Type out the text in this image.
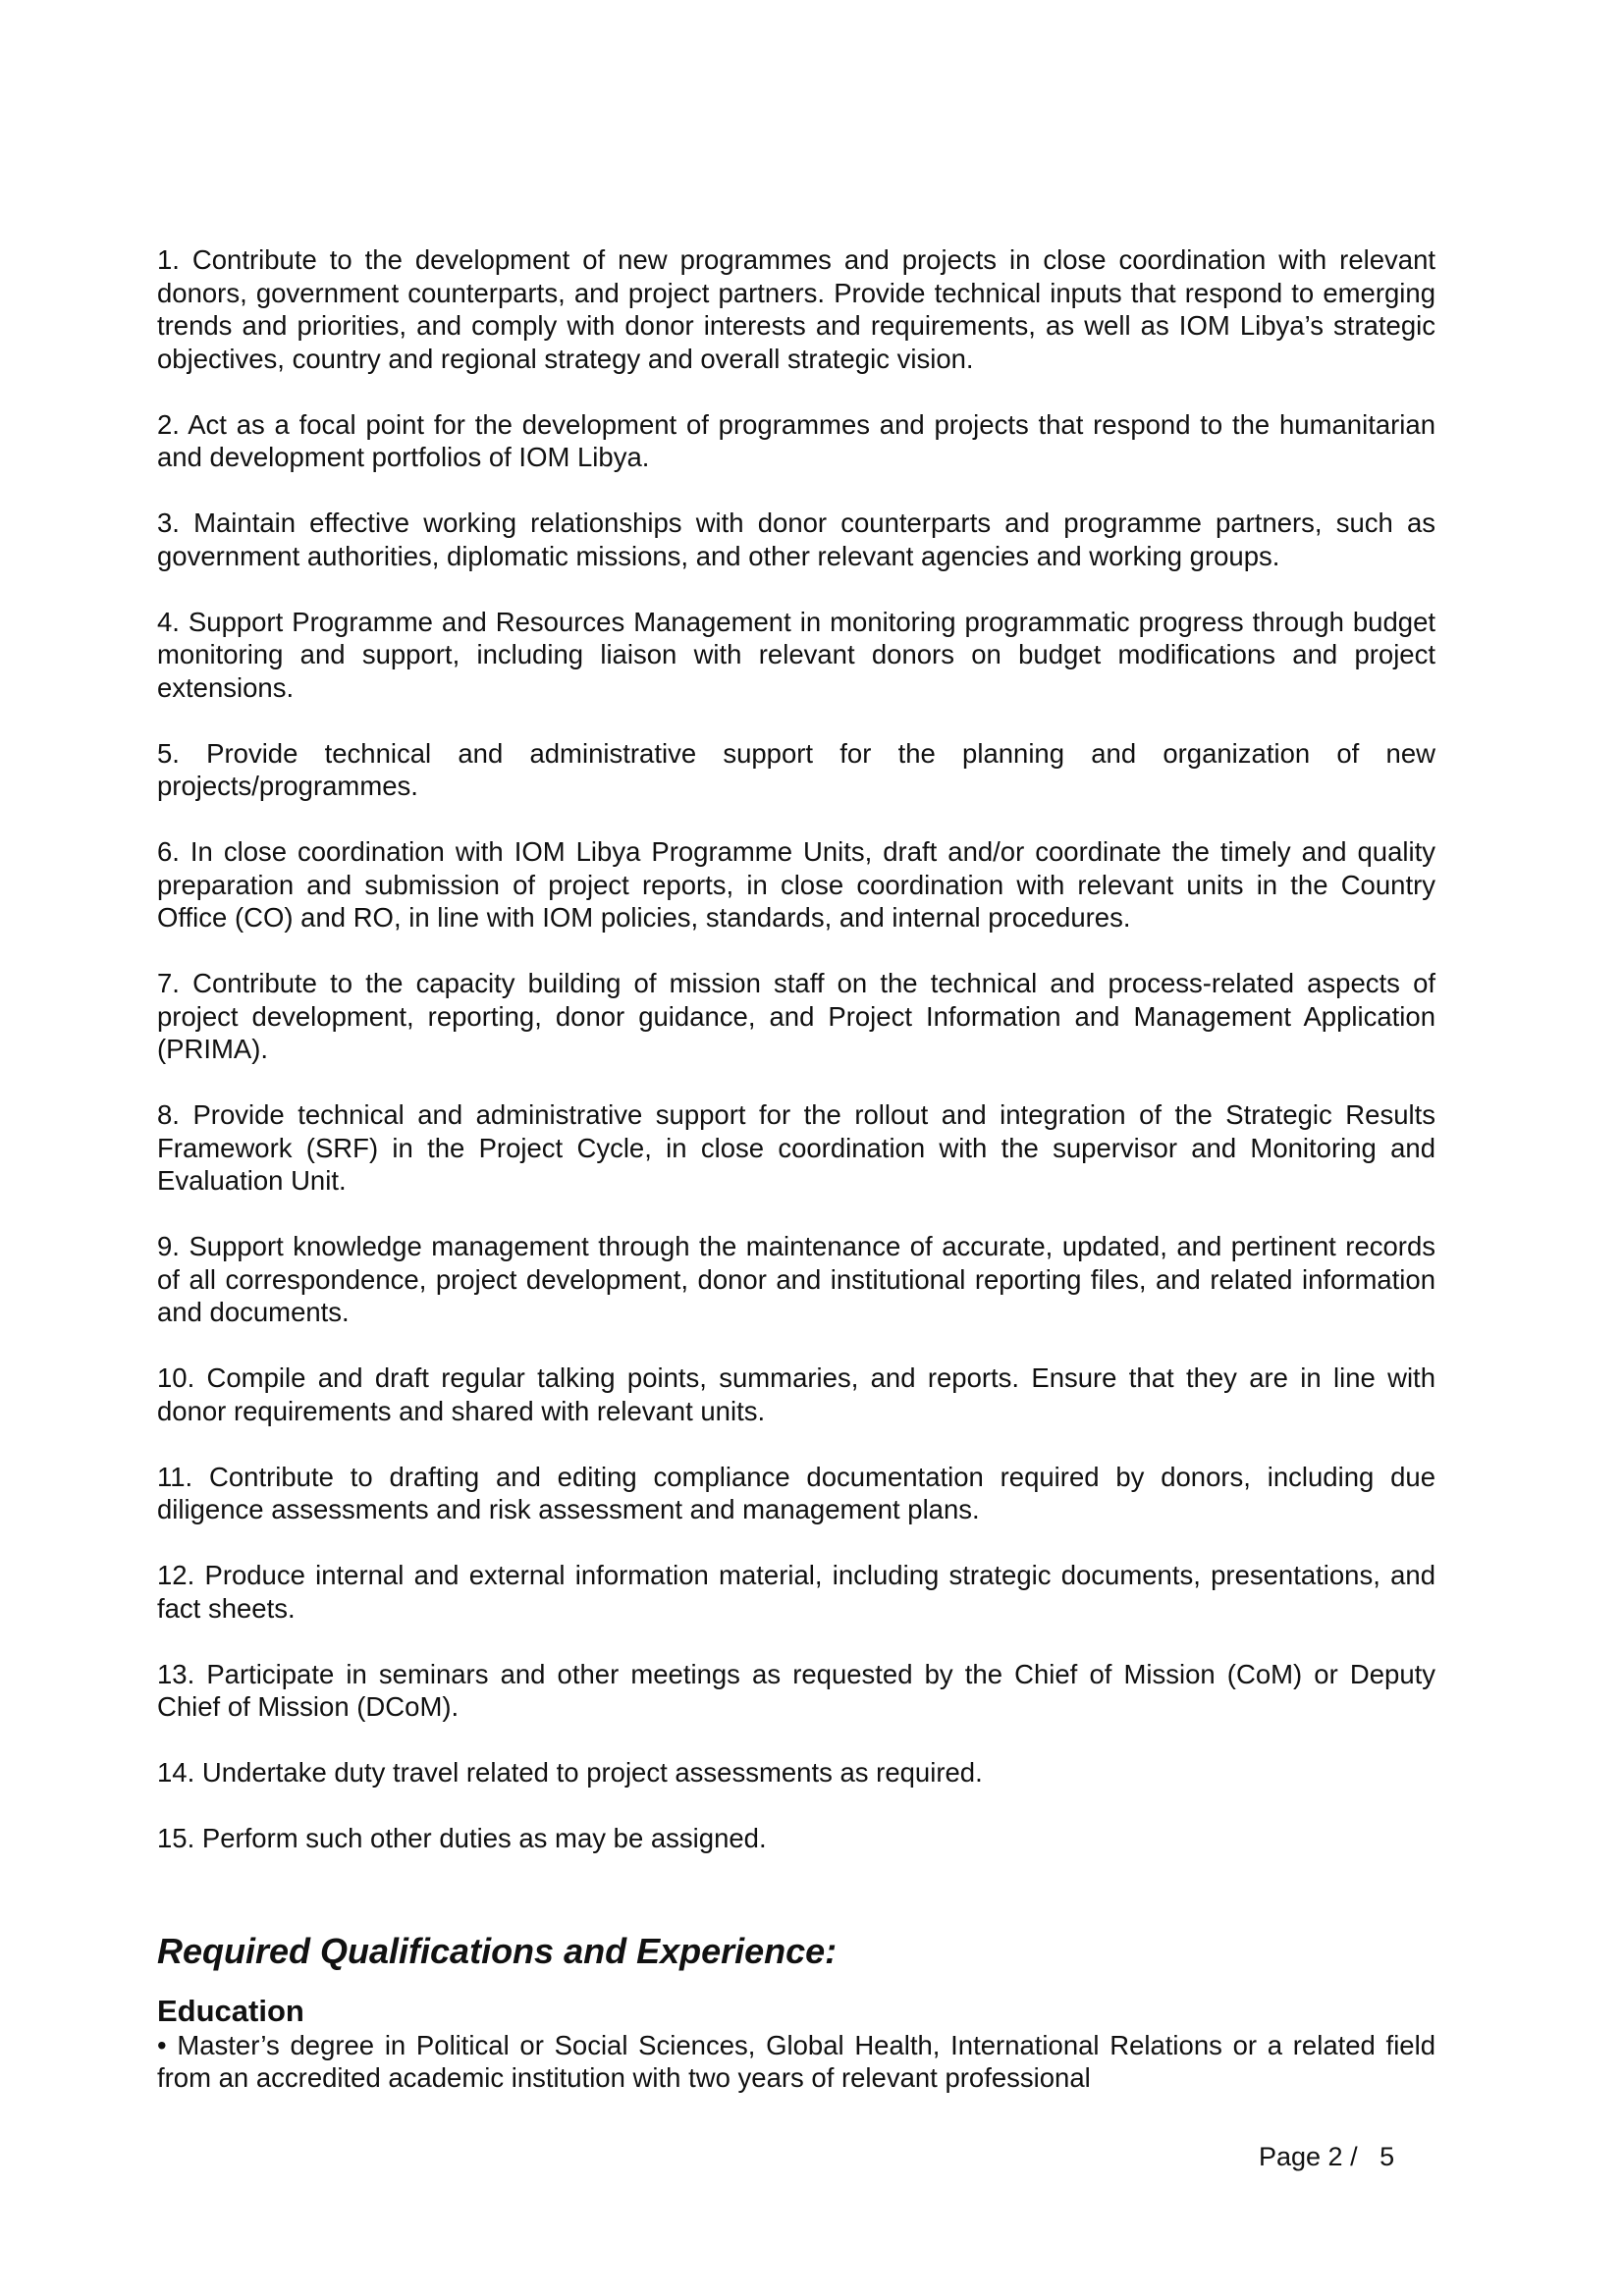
1. Contribute to the development of new programmes and projects in close coordination with relevant donors, government counterparts, and project partners. Provide technical inputs that respond to emerging trends and priorities, and comply with donor interests and requirements, as well as IOM Libya’s strategic objectives, country and regional strategy and overall strategic vision.

2. Act as a focal point for the development of programmes and projects that respond to the humanitarian and development portfolios of IOM Libya.

3. Maintain effective working relationships with donor counterparts and programme partners, such as government authorities, diplomatic missions, and other relevant agencies and working groups.

4. Support Programme and Resources Management in monitoring programmatic progress through budget monitoring and support, including liaison with relevant donors on budget modifications and project extensions.

5. Provide technical and administrative support for the planning and organization of new projects/programmes.

6. In close coordination with IOM Libya Programme Units, draft and/or coordinate the timely and quality preparation and submission of project reports, in close coordination with relevant units in the Country Office (CO) and RO, in line with IOM policies, standards, and internal procedures.

7. Contribute to the capacity building of mission staff on the technical and process-related aspects of project development, reporting, donor guidance, and Project Information and Management Application (PRIMA).

8. Provide technical and administrative support for the rollout and integration of the Strategic Results Framework (SRF) in the Project Cycle, in close coordination with the supervisor and Monitoring and Evaluation Unit.

9. Support knowledge management through the maintenance of accurate, updated, and pertinent records of all correspondence, project development, donor and institutional reporting files, and related information and documents.

10. Compile and draft regular talking points, summaries, and reports. Ensure that they are in line with donor requirements and shared with relevant units.

11. Contribute to drafting and editing compliance documentation required by donors, including due diligence assessments and risk assessment and management plans.

12. Produce internal and external information material, including strategic documents, presentations, and fact sheets.

13. Participate in seminars and other meetings as requested by the Chief of Mission (CoM) or Deputy Chief of Mission (DCoM).

14. Undertake duty travel related to project assessments as required.

15. Perform such other duties as may be assigned.

Required Qualifications and Experience:
Education

• Master’s degree in Political or Social Sciences, Global Health, International Relations or a related field from an accredited academic institution with two years of relevant professional

Page 2 /   5
